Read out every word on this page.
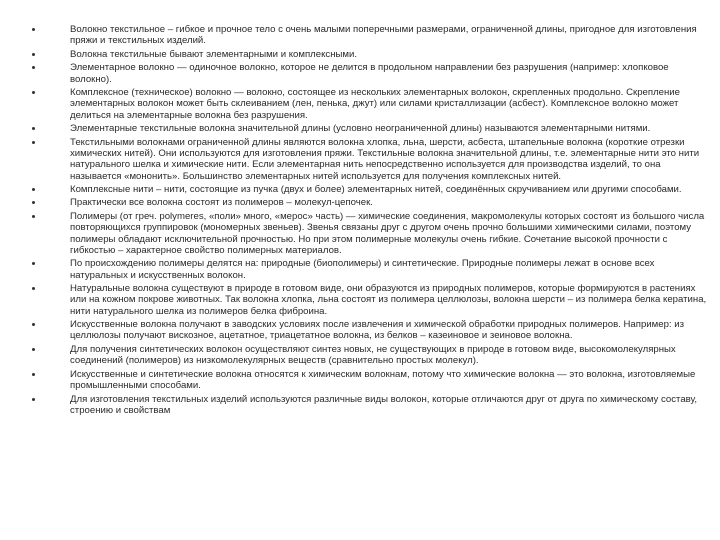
Волокно текстильное – гибкое и прочное тело с очень малыми поперечными размерами, ограниченной длины, пригодное для изготовления пряжи и текстильных изделий.
Волокна текстильные бывают элементарными и комплексными.
Элементарное волокно — одиночное волокно, которое не делится в продольном направлении без разрушения (например: хлопковое волокно).
Комплексное (техническое) волокно — волокно, состоящее из нескольких элементарных волокон, скрепленных продольно. Скрепление элементарных волокон может быть склеиванием (лен, пенька, джут) или силами кристаллизации (асбест). Комплексное волокно может делиться на элементарные волокна без разрушения.
Элементарные текстильные волокна значительной длины (условно неограниченной длины) называются элементарными нитями.
Текстильными волокнами ограниченной длины являются волокна хлопка, льна, шерсти, асбеста, штапельные волокна (короткие отрезки химических нитей). Они используются для изготовления пряжи. Текстильные волокна значительной длины, т.е. элементарные нити это нити натурального шелка и химические нити. Если элементарная нить непосредственно используется для производства изделий, то она называется «мононить». Большинство элементарных нитей используется для получения комплексных нитей.
Комплексные нити – нити, состоящие из пучка (двух и более) элементарных нитей, соединённых скручиванием или другими способами.
Практически все волокна состоят из полимеров – молекул-цепочек.
Полимеры (от греч. polymeres, «поли» много, «мерос» часть) — химические соединения, макромолекулы которых состоят из большого числа повторяющихся группировок (мономерных звеньев). Звенья связаны друг с другом очень прочно большими химическими силами, поэтому полимеры обладают исключительной прочностью. Но при этом полимерные молекулы очень гибкие. Сочетание высокой прочности с гибкостью – характерное свойство полимерных материалов.
По происхождению полимеры делятся на: природные (биополимеры) и синтетические. Природные полимеры лежат в основе всех натуральных и искусственных волокон.
Натуральные волокна существуют в природе в готовом виде, они образуются из природных полимеров, которые формируются в растениях или на кожном покрове животных. Так волокна хлопка, льна состоят из полимера целлюлозы, волокна шерсти – из полимера белка кератина, нити натурального шелка из полимеров белка фиброина.
Искусственные волокна получают в заводских условиях после извлечения и химической обработки природных полимеров. Например: из целлюлозы получают вискозное, ацетатное, триацетатное волокна, из белков – казеиновое и зеиновое волокна.
Для получения синтетических волокон осуществляют синтез новых, не существующих в природе в готовом виде, высокомолекулярных соединений (полимеров) из низкомолекулярных веществ (сравнительно простых молекул).
Искусственные и синтетические волокна относятся к химическим волокнам, потому что химические волокна — это волокна, изготовляемые промышленными способами.
Для изготовления текстильных изделий используются различные виды волокон, которые отличаются друг от друга по химическому составу, строению и свойствам
